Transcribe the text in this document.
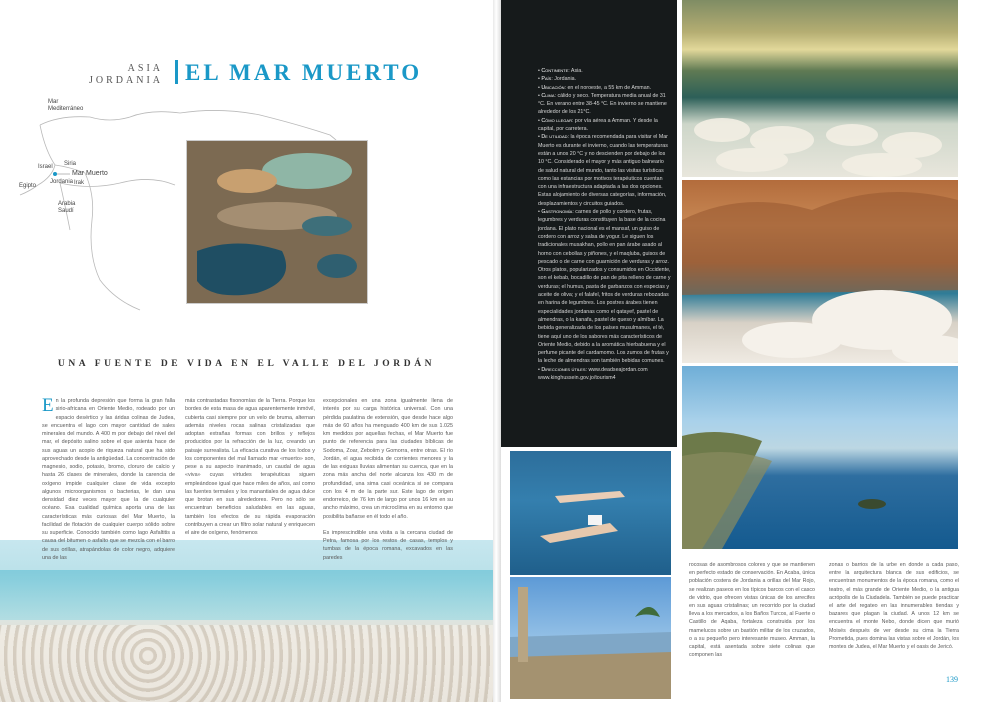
ASIA
JORDANIA EL MAR MUERTO
Mar
Mediterráneo
Egipto
Israel Siria
Mar Muerto
Jordania Irak
Arabia
Saudí
UNA FUENTE DE VIDA EN EL VALLE DEL JORDÁN
En la profunda depresión que forma la gran falla sirio-africana en Oriente Medio, rodeado por un espacio desértico y las áridas colinas de Judea, se encuentra el lago con mayor cantidad de sales minerales del mundo. A 400 m por debajo del nivel del mar, el depósito salino sobre el que asienta hace de sus aguas un acopio de riqueza natural que ha sido aprovechado desde la antigüedad. La concentración de magnesio, sodio, potasio, bromo, cloruro de calcio y hasta 26 clases de minerales, donde la carencia de oxígeno impide cualquier clase de vida excepto algunos microorganismos o bacterias, le dan una densidad diez veces mayor que la de cualquier océano. Esa cualidad química aporta una de las características más curiosas del Mar Muerto, la facilidad de flotación de cualquier cuerpo sólido sobre su superficie. Conocido también como lago Asfaltitis a causa del bitumen o asfalto que se mezcla con el barro de sus orillas, atrapándolas de color negro, adquiere una de las
más contrastadas fisonomías de la Tierra. Porque los bordes de esta masa de agua aparentemente inmóvil, cubierta casi siempre por un velo de bruma, alternan además niveles rocas salinas cristalizadas que adoptan extrañas formas con brillos y reflejos producidos por la refracción de la luz, creando un paisaje surrealista. La eficacia curativa de los lodos y los componentes del mal llamado mar «muerto» son, pese a su aspecto inanimado, un caudal de agua «viva» cuyas virtudes terapéuticas siguen empleándose igual que hace miles de años, así como las fuentes termales y los manantiales de agua dulce que brotan en sus alrededores. Pero no sólo se encuentran beneficios saludables en las aguas, también los efectos de su rápida evaporación contribuyen a crear un filtro solar natural y enriquecen el aire de oxígeno, fenómenos

excepcionales en una zona igualmente llena de interés por su carga histórica universal. Con una pérdida paulatina de extensión, que desde hace algo más de 60 años ha menguado 400 km de sus 1.025 km medidos por aquellas fechas, el Mar Muerto fue punto de referencia para las ciudades bíblicas de Sodoma, Zoar, Zeboiim y Gomorra, entre otras. El río Jordán, el agua recibida de corrientes menores y la de las exiguas lluvias alimentan su cuenca, que en la zona más ancha del norte alcanza los 430 m de profundidad, una sima casi oceánica si se compara con los 4 m de la parte sur. Este lago de origen endorreico, de 76 km de largo por unos 16 km en su ancho máximo, crea un microclima en su entorno que posibilita bañarse en él todo el año.

Es imprescindible una visita a la cercana ciudad de Petra, famosa por los restos de casas, templos y tumbas de la época romana, excavados en las paredes

• Continente: Asia.
• País: Jordania.
• Ubicación: en el noroeste, a 55 km de Amman.
• Clima: cálido y seco. Temperatura media anual de 31 °C. En verano entre 38-45 °C. En invierno se mantiene alrededor de los 21°C.
• Cómo llegar: por vía aérea a Amman. Y desde la capital, por carretera.
• De utilidad: la época recomendada para visitar el Mar Muerto es durante el invierno, cuando las temperaturas están a unos 20 °C y no descienden por debajo de los 10 °C. Considerado el mayor y más antiguo balneario de salud natural del mundo, tanto las visitas turísticas como las estancias por motivos terapéuticos cuentan con una infraestructura adaptada a las dos opciones. Estas alojamiento de diversas categorías, información, desplazamientos y circuitos guiados.
• Gastronomía: carnes de pollo y cordero, frutas, legumbres y verduras constituyen la base de la cocina jordana. El plato nacional es el mansaf, un guiso de cordero con arroz y salsa de yogur. Le siguen los tradicionales musakhan, pollo en pan árabe asado al horno con cebollas y piñones, y el maqluba, guisos de pescado o de carne con guarnición de verduras y arroz. Otros platos, popularizados y consumidos en Occidente, son el kebab, bocadillo de pan de pita relleno de carne y verduras; el humus, pasta de garbanzos con especias y aceite de oliva; y el falafel, fritos de verduras rebozadas en harina de legumbres. Los postres árabes tienen especialidades jordanas como el qatayef, pastel de almendras, o la kanafa, pastel de queso y almíbar. La bebida generalizada de los países musulmanes, el té, tiene aquí uno de los sabores más característicos de Oriente Medio, debido a la aromática hierbabuena y el perfume picante del cardamomo. Los zumos de frutas y la leche de almendras son también bebidas comunes.
• Direcciones útiles: www.deadseajordan.com www.kinghussein.gov.jo/tourism4
rocosas de asombrosos colores y que se mantienen en perfecto estado de conservación. En Acaba, única población costera de Jordania a orillas del Mar Rojo, se realizan paseos en los típicos barcos con el casco de vidrio, que ofrecen vistas únicas de los arrecifes en sus aguas cristalinas; un recorrido por la ciudad lleva a los mercados, a los Baños Turcos, al Fuerte o Castillo de Aqaba, fortaleza construida por los mamelucos sobre un bastión militar de los cruzados, o a su pequeño pero interesante museo. Amman, la capital, está asentada sobre siete colinas que componen las
zonas o barrios de la urbe en donde a cada paso, entre la arquitectura blanca de sus edificios, se encuentran monumentos de la época romana, como el teatro, el más grande de Oriente Medio, o la antigua acrópolis de la Ciudadela. También se puede practicar el arte del regateo en las innumerables tiendas y bazares que plagan la ciudad. A unos 12 km se encuentra el monte Nebo, donde dicen que murió Moisés después de ver desde su cima la Tierra Prometida, pues domina las vistas sobre el Jordán, los montes de Judea, el Mar Muerto y el oasis de Jericó.
139
